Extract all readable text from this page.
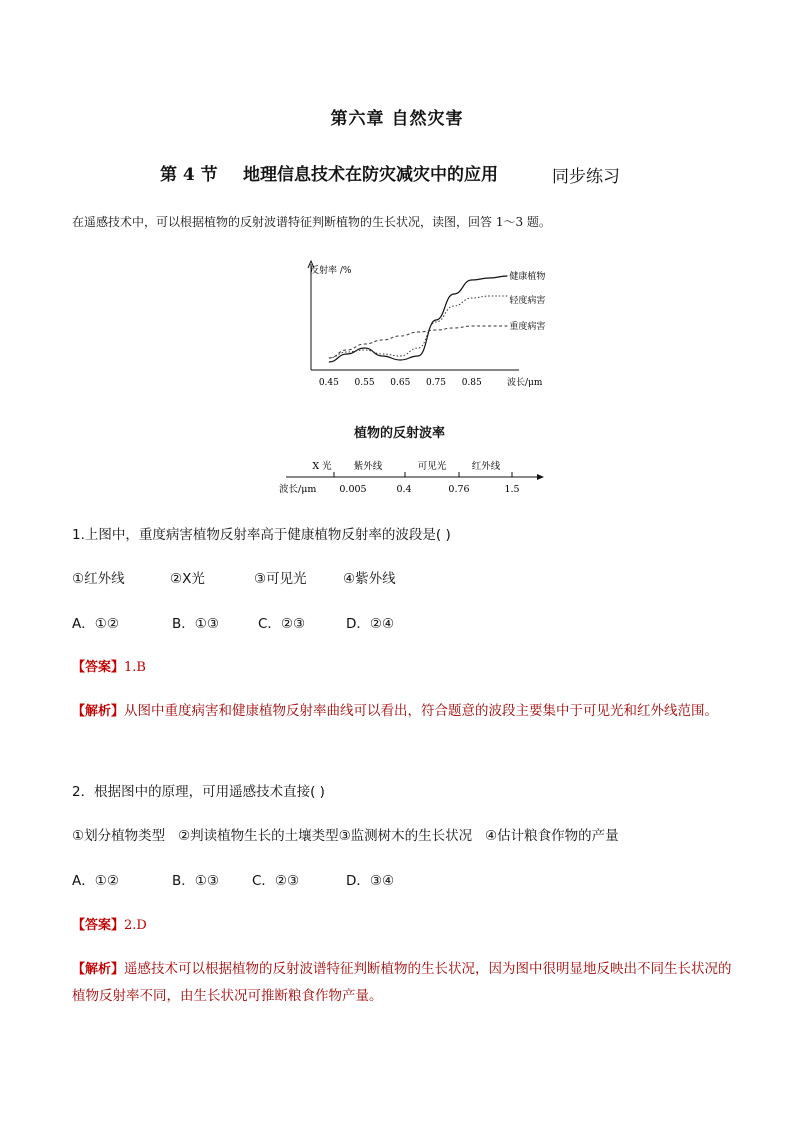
第六章 自然灾害
第 4 节 地理信息技术在防灾减灾中的应用	同步练习
在遥感技术中，可以根据植物的反射波谱特征判断植物的生长状况，读图，回答 1～3 题。
反射率 /%
0.45 0.55 0.65 0.75 0.85	波长/μm
健康植物
轻度病害
重度病害
植物的反射波率
X 光 紫外线	可见光	红外线
波长/μm 0.005	0.4	0.76	1.5
1.上图中，重度病害植物反射率高于健康植物反射率的波段是( )
①红外线	②X光	③可见光	④紫外线
A．①②	B．①③	C．②③	D．②④
【答案】1.B
【解析】从图中重度病害和健康植物反射率曲线可以看出，符合题意的波段主要集中于可见光和红外线范围。
2．根据图中的原理，可用遥感技术直接( )
①划分植物类型   ②判读植物生长的土壤类型③监测树木的生长状况   ④估计粮食作物的产量
A．①②	B．①③ C．②③	D．③④
【答案】2.D
【解析】遥感技术可以根据植物的反射波谱特征判断植物的生长状况，因为图中很明显地反映出不同生长状况的植物反射率不同，由生长状况可推断粮食作物产量。
